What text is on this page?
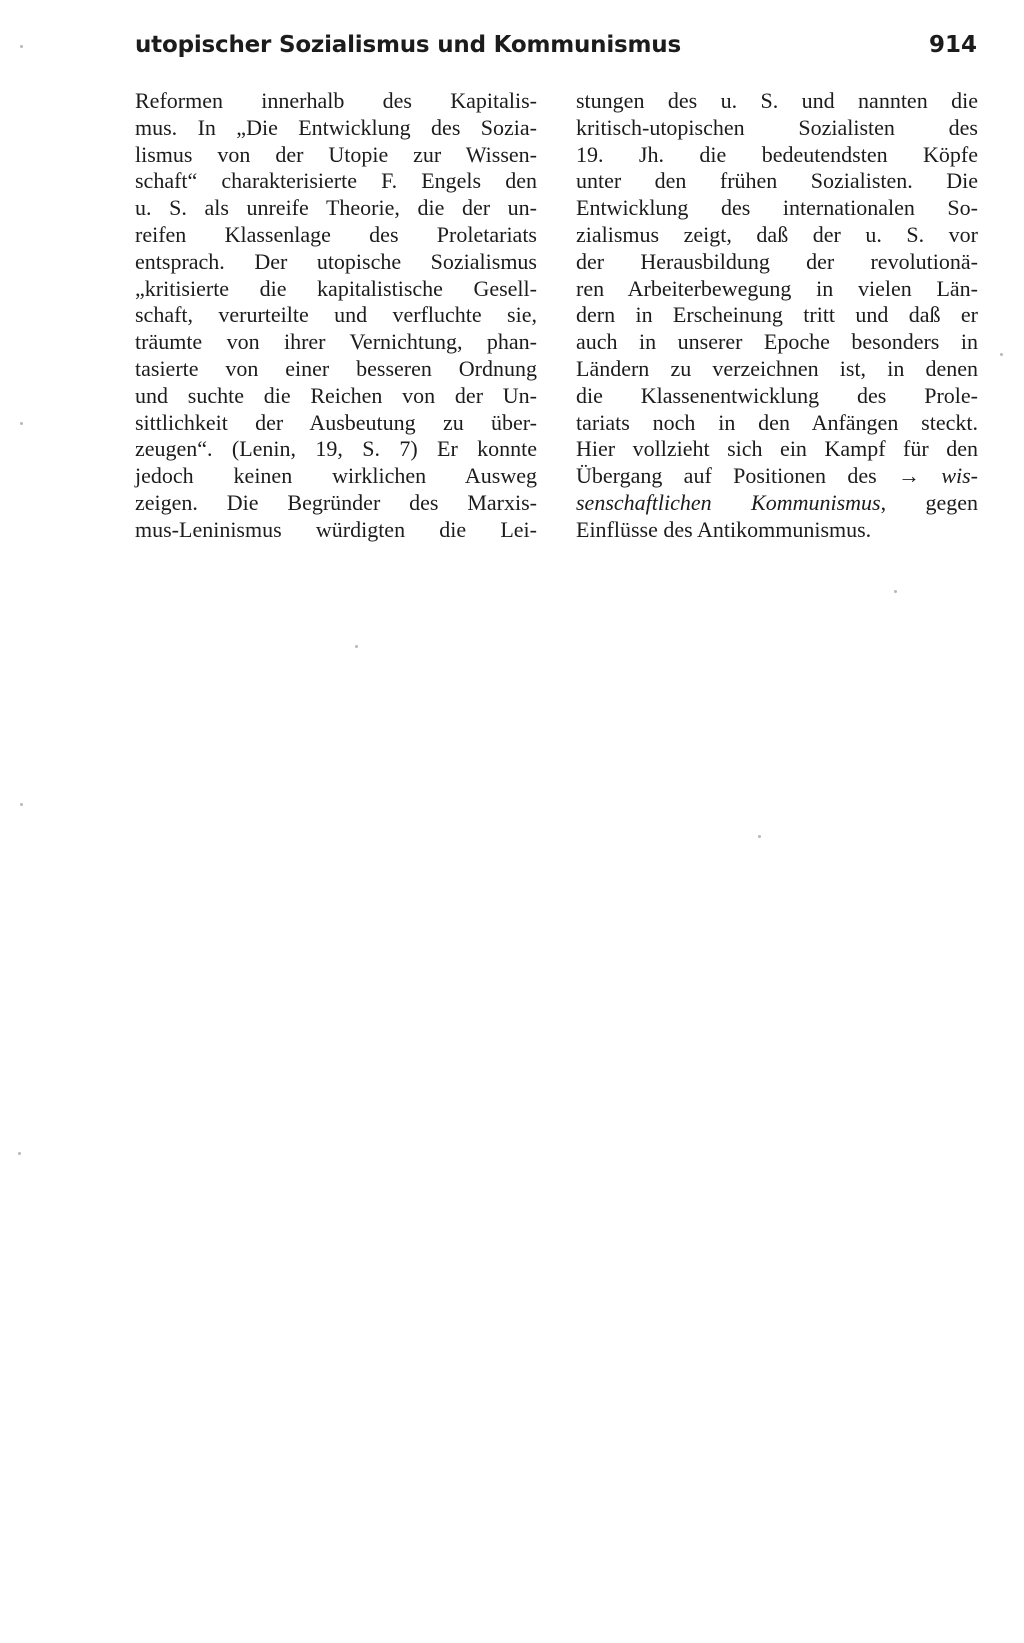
utopischer Sozialismus und Kommunismus	914
Reformen innerhalb des Kapitalis-
mus. In „Die Entwicklung des Sozia-
lismus von der Utopie zur Wissen-
schaft“ charakterisierte F. Engels den
u. S. als unreife Theorie, die der un-
reifen Klassenlage des Proletariats
entsprach. Der utopische Sozialismus
„kritisierte die kapitalistische Gesell-
schaft, verurteilte und verfluchte sie,
träumte von ihrer Vernichtung, phan-
tasierte von einer besseren Ordnung
und suchte die Reichen von der Un-
sittlichkeit der Ausbeutung zu über-
zeugen“. (Lenin, 19, S. 7) Er konnte
jedoch keinen wirklichen Ausweg
zeigen. Die Begründer des Marxis-
mus-Leninismus würdigten die Lei-
stungen des u. S. und nannten die
kritisch-utopischen Sozialisten des
19. Jh. die bedeutendsten Köpfe
unter den frühen Sozialisten. Die
Entwicklung des internationalen So-
zialismus zeigt, daß der u. S. vor
der Herausbildung der revolutionä-
ren Arbeiterbewegung in vielen Län-
dern in Erscheinung tritt und daß er
auch in unserer Epoche besonders in
Ländern zu verzeichnen ist, in denen
die Klassenentwicklung des Prole-
tariats noch in den Anfängen steckt.
Hier vollzieht sich ein Kampf für den
Übergang auf Positionen des → wis-
senschaftlichen Kommunismus, gegen
Einflüsse des Antikommunismus.
